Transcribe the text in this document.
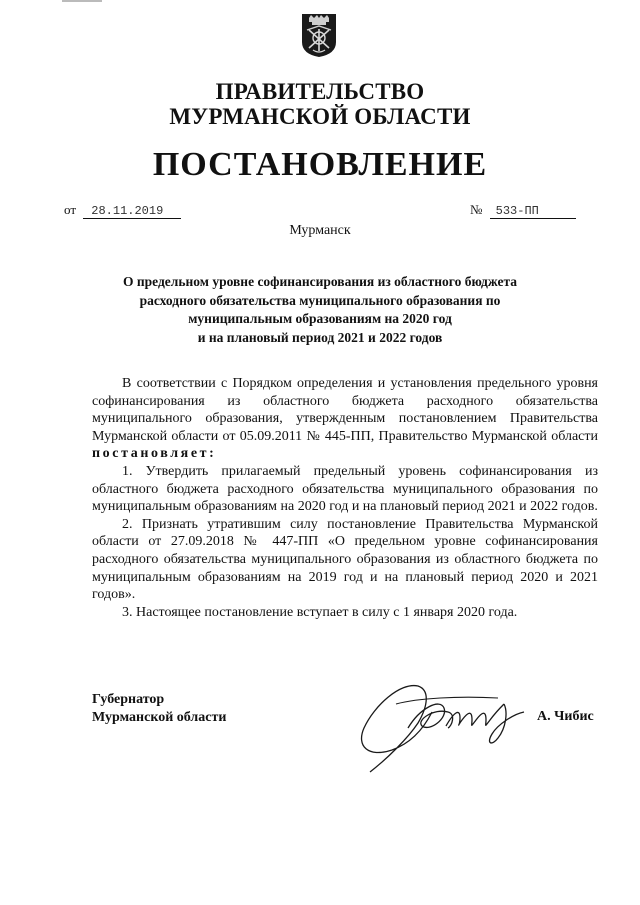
ПРАВИТЕЛЬСТВО
МУРМАНСКОЙ ОБЛАСТИ
ПОСТАНОВЛЕНИЕ
от 28.11.2019	№ 533-ПП
Мурманск
О предельном уровне софинансирования из областного бюджета
расходного обязательства муниципального образования по
муниципальным образованиям на 2020 год
и на плановый период 2021 и 2022 годов

В соответствии с Порядком определения и установления предельного уровня софинансирования из областного бюджета расходного обязательства муниципального образования, утвержденным постановлением Правительства Мурманской области от 05.09.2011 № 445-ПП, Правительство Мурманской области постановляет:

1. Утвердить прилагаемый предельный уровень софинансирования из областного бюджета расходного обязательства муниципального образования по муниципальным образованиям на 2020 год и на плановый период 2021 и 2022 годов.

2. Признать утратившим силу постановление Правительства Мурманской области от 27.09.2018 № 447-ПП «О предельном уровне софинансирования расходного обязательства муниципального образования из областного бюджета по муниципальным образованиям на 2019 год и на плановый период 2020 и 2021 годов».

3. Настоящее постановление вступает в силу с 1 января 2020 года.

Губернатор
Мурманской области	А. Чибис
